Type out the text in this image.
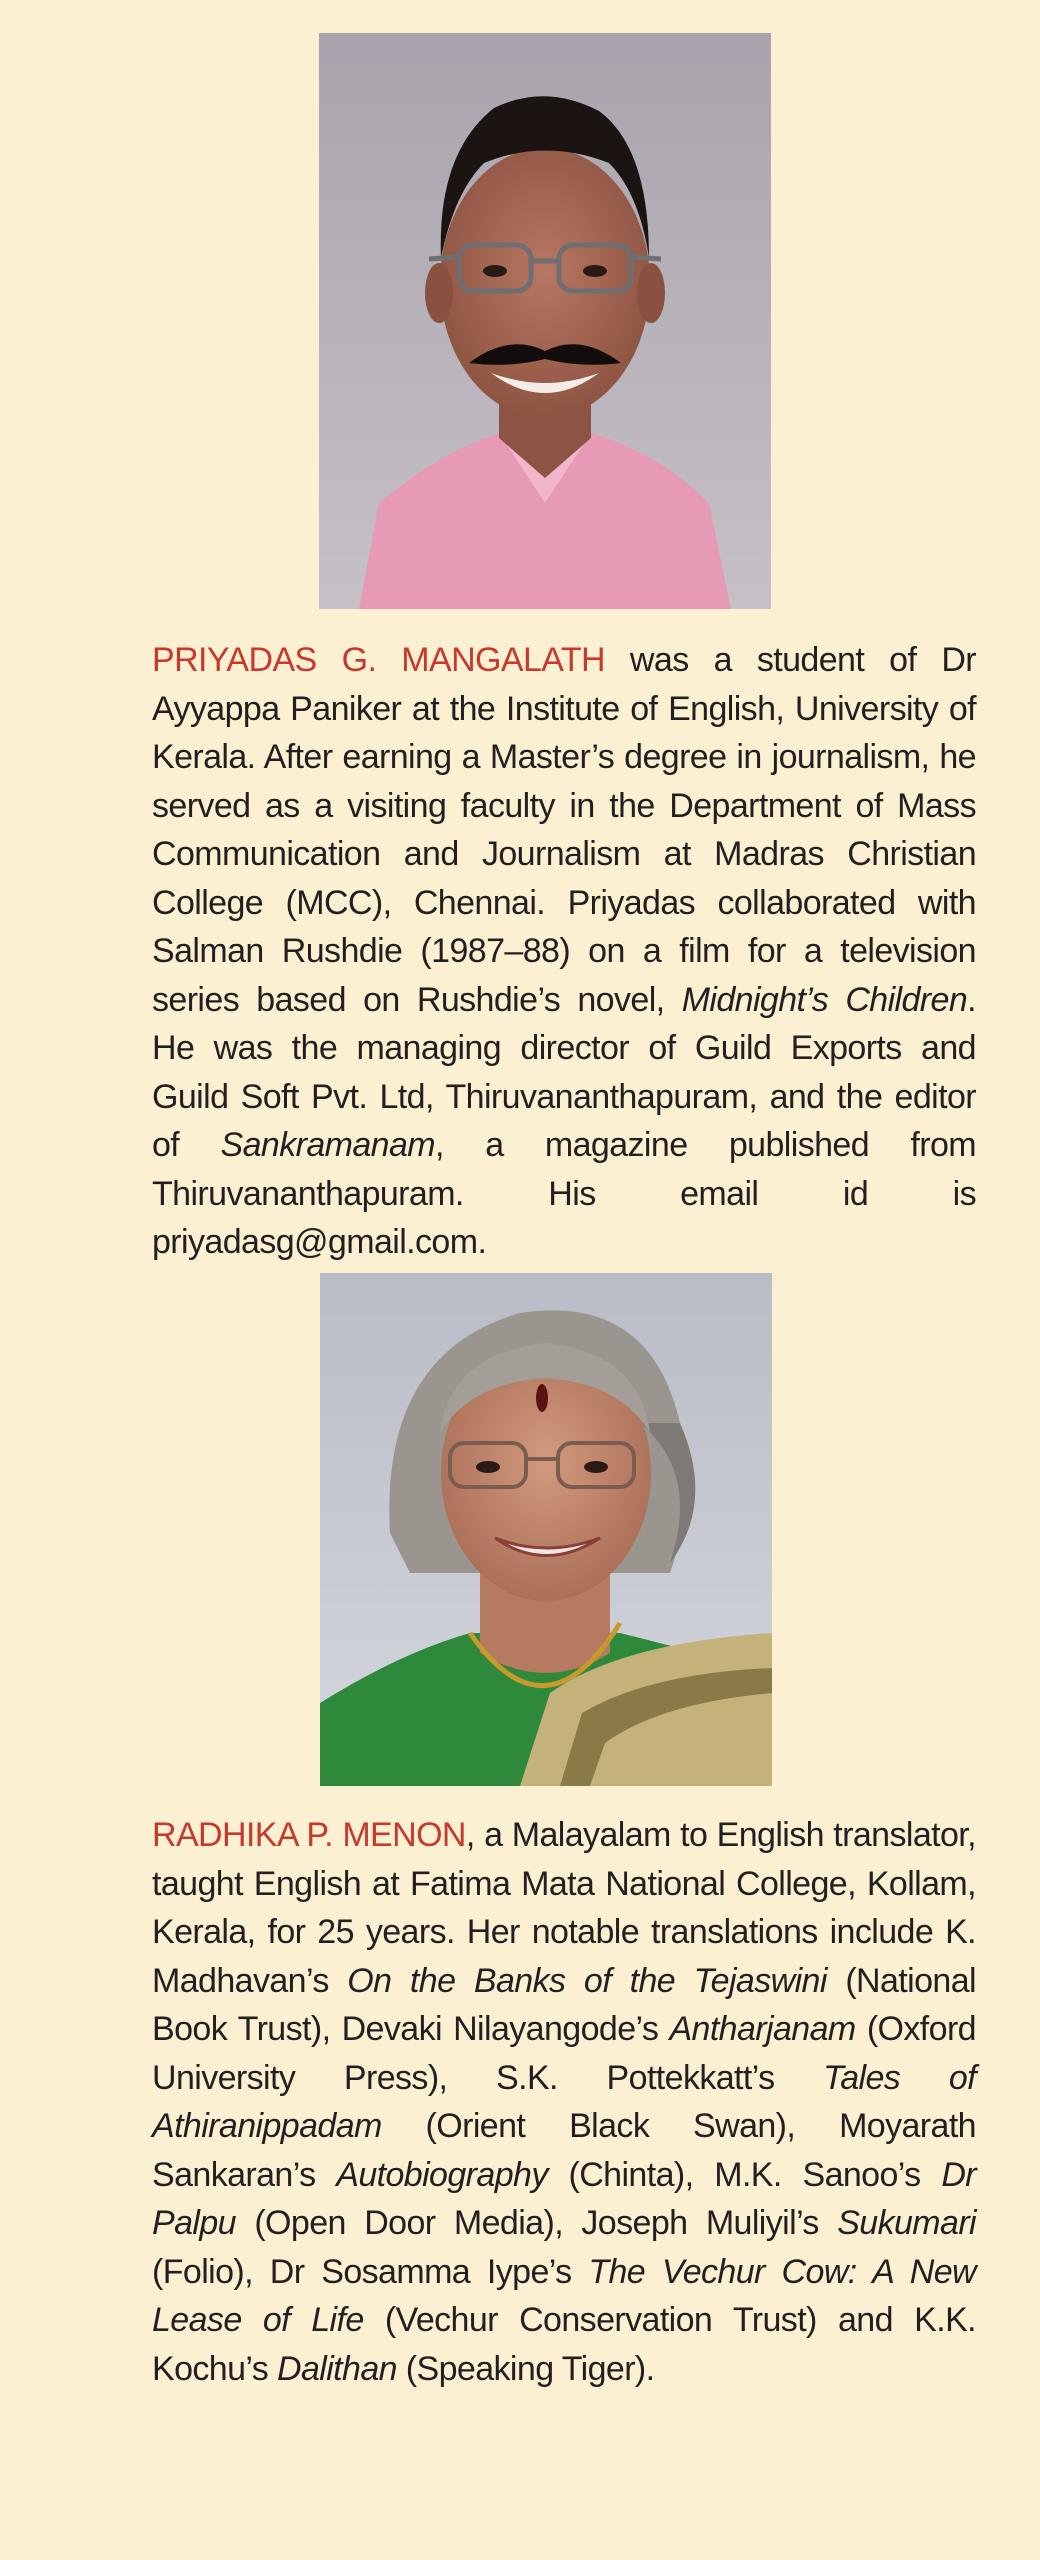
PRIYADAS G. MANGALATH was a student of Dr Ayyappa Paniker at the Institute of English, University of Kerala. After earning a Master’s degree in journalism, he served as a visiting faculty in the Department of Mass Communication and Journalism at Madras Christian College (MCC), Chennai. Priyadas collaborated with Salman Rushdie (1987–88) on a film for a television series based on Rushdie’s novel, Midnight’s Children. He was the managing director of Guild Exports and Guild Soft Pvt. Ltd, Thiruvananthapuram, and the editor of Sankramanam, a magazine published from Thiruvananthapuram. His email id is priyadasg@gmail.com.
RADHIKA P. MENON, a Malayalam to English translator, taught English at Fatima Mata National College, Kollam, Kerala, for 25 years. Her notable translations include K. Madhavan’s On the Banks of the Tejaswini (National Book Trust), Devaki Nilayangode’s Antharjanam (Oxford University Press), S.K. Pottekkatt’s Tales of Athiranippadam (Orient Black Swan), Moyarath Sankaran’s Autobiography (Chinta), M.K. Sanoo’s Dr Palpu (Open Door Media), Joseph Muliyil’s Sukumari (Folio), Dr Sosamma Iype’s The Vechur Cow: A New Lease of Life (Vechur Conservation Trust) and K.K. Kochu’s Dalithan (Speaking Tiger).
